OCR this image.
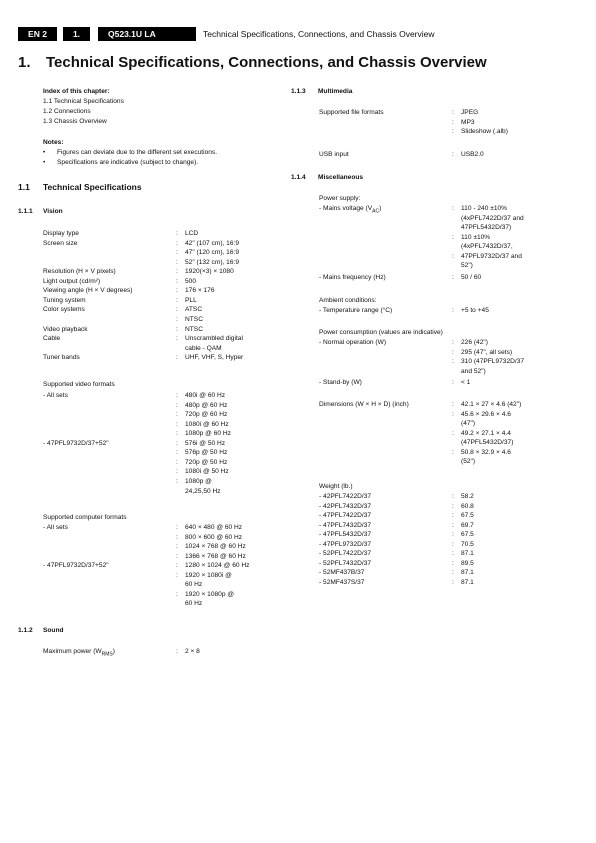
EN 2	1.	Q523.1U LA	Technical Specifications, Connections, and Chassis Overview
1. Technical Specifications, Connections, and Chassis Overview
Index of this chapter:
1.1 Technical Specifications
1.2 Connections
1.3 Chassis Overview
Notes:
• Figures can deviate due to the different set executions.
• Specifications are indicative (subject to change).
1.1 Technical Specifications
1.1.1 Vision
Display type	: LCD
Screen size	: 42" (107 cm), 16:9
: 47" (120 cm), 16:9
: 52" (132 cm), 16:9
Resolution (H × V pixels)	: 1920(×3) × 1080
Light output (cd/m²)	: 500
Viewing angle (H × V degrees)	: 176 × 176
Tuning system	: PLL
Color systems	: ATSC
: NTSC
Video playback	: NTSC
Cable	: Unscrambled digital
cable - QAM
Tuner bands	: UHF, VHF, S, Hyper
Supported video formats
- All sets	: 480i @ 60 Hz
: 480p @ 60 Hz
: 720p @ 60 Hz
: 1080i @ 60 Hz
: 1080p @ 60 Hz
- 47PFL9732D/37+52"	: 576i @ 50 Hz
: 576p @ 50 Hz
: 720p @ 50 Hz
: 1080i @ 50 Hz
: 1080p @
24,25,50 Hz
Supported computer formats
- All sets	: 640 × 480 @ 60 Hz
: 800 × 600 @ 60 Hz
: 1024 × 768 @ 60 Hz
: 1366 × 768 @ 60 Hz
- 47PFL9732D/37+52"	: 1280 × 1024 @ 60 Hz
: 1920 × 1080i @
60 Hz
: 1920 × 1080p @
60 Hz
1.1.2 Sound
Maximum power $(W_{RMS})$	: 2 × 8
1.1.3 Multimedia
Supported file formats	: JPEG
: MP3
: Slideshow (.alb)
USB input	: USB2.0
1.1.4 Miscellaneous
Power supply:
- Mains voltage $(V_{AC})$	: 110 - 240 ±10%
(4xPFL7422D/37 and
47PFL5432D/37)
: 110 ±10%
(4xPFL7432D/37,
: 47PFL9732D/37 and
52")
- Mains frequency (Hz)	: 50 / 60
Ambient conditions:
- Temperature range (°C)	: +5 to +45
Power consumption (values are indicative)
- Normal operation (W)	: 226 (42")
: 295 (47", all sets)
: 310 (47PFL9732D/37
and 52")
- Stand-by (W)	: < 1
Dimensions (W × H × D) (inch)	: 42.1 × 27 × 4.6 (42")
: 45.6 × 29.6 × 4.6
(47")
: 49.2 × 27.1 × 4.4
(47PFL5432D/37)
: 50.8 × 32.9 × 4.6
(52")
Weight (lb.)
- 42PFL7422D/37	: 58.2
- 42PFL7432D/37	: 60.8
- 47PFL7422D/37	: 67.5
- 47PFL7432D/37	: 69.7
- 47PFL5432D/37	: 67.5
- 47PFL9732D/37	: 70.5
- 52PFL7422D/37	: 87.1
- 52PFL7432D/37	: 89.5
- 52MF437B/37	: 87.1
- 52MF437S/37	: 87.1
